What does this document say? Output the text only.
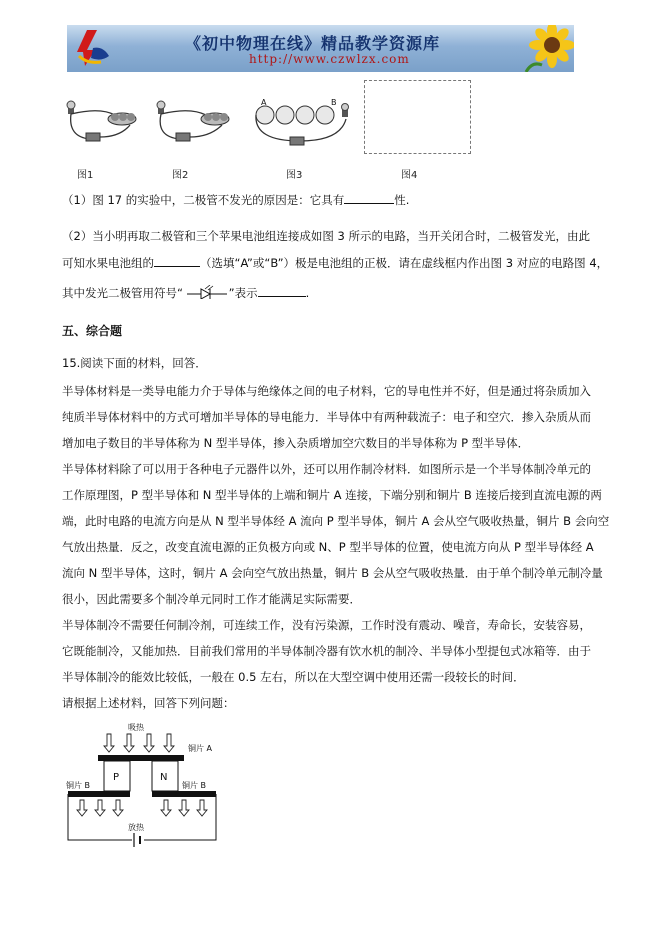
《初中物理在线》精品教学资源库
http://www.czwlzx.com
A	B
图1	图2	图3	图4
（1）图 17 的实验中，二极管不发光的原因是：它具有	性.
（2）当小明再取二极管和三个苹果电池组连接成如图 3 所示的电路，当开关闭合时，二极管发光，由此
可知水果电池组的	（选填“A”或“B”）极是电池组的正极．请在虚线框内作出图 3 对应的电路图 4，
其中发光二极管用符号“	”表示	.
五、综合题
15.阅读下面的材料，回答．
半导体材料是一类导电能力介于导体与绝缘体之间的电子材料，它的导电性并不好，但是通过将杂质加入
纯质半导体材料中的方式可增加半导体的导电能力．半导体中有两种载流子：电子和空穴．掺入杂质从而
增加电子数目的半导体称为 N 型半导体，掺入杂质增加空穴数目的半导体称为 P 型半导体．
半导体材料除了可以用于各种电子元器件以外，还可以用作制冷材料．如图所示是一个半导体制冷单元的
工作原理图，P 型半导体和 N 型半导体的上端和铜片 A 连接，下端分别和铜片 B 连接后接到直流电源的两
端，此时电路的电流方向是从 N 型半导体经 A 流向 P 型半导体，铜片 A 会从空气吸收热量，铜片 B 会向空
气放出热量．反之，改变直流电源的正负极方向或 N、P 型半导体的位置，使电流方向从 P 型半导体经 A
流向 N 型半导体，这时，铜片 A 会向空气放出热量，铜片 B 会从空气吸收热量．由于单个制冷单元制冷量
很小，因此需要多个制冷单元同时工作才能满足实际需要．
半导体制冷不需要任何制冷剂，可连续工作，没有污染源，工作时没有震动、噪音，寿命长，安装容易，
它既能制冷，又能加热．目前我们常用的半导体制冷器有饮水机的制冷、半导体小型提包式冰箱等．由于
半导体制冷的能效比较低，一般在 0.5 左右，所以在大型空调中使用还需一段较长的时间．
请根据上述材料，回答下列问题：
吸热
铜片 A
P	N
铜片 B	铜片 B
放热
